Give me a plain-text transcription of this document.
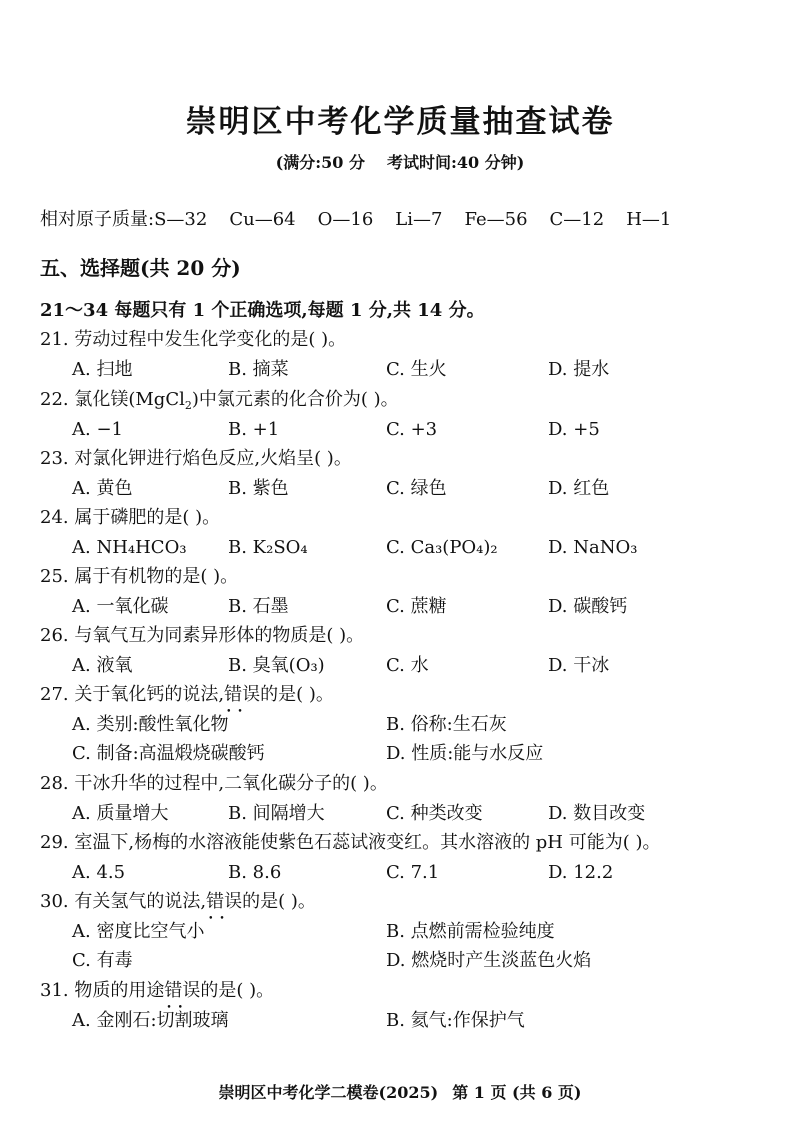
崇明区中考化学质量抽查试卷
(满分:50 分 考试时间:40 分钟)
相对原子质量:S—32 Cu—64 O—16 Li—7 Fe—56 C—12 H—1
五、选择题(共 20 分)
21～34 每题只有 1 个正确选项,每题 1 分,共 14 分。
21. 劳动过程中发生化学变化的是( )。
A. 扫地	B. 摘菜	C. 生火	D. 提水
22. 氯化镁(MgCl$_2$)中氯元素的化合价为( )。
A. −1	B. +1	C. +3	D. +5
23. 对氯化钾进行焰色反应,火焰呈( )。
A. 黄色	B. 紫色	C. 绿色	D. 红色
24. 属于磷肥的是( )。
A. NH₄HCO₃ B. K₂SO₄	C. Ca₃(PO₄)₂	D. NaNO₃
25. 属于有机物的是( )。
A. 一氧化碳	B. 石墨	C. 蔗糖	D. 碳酸钙
26. 与氧气互为同素异形体的物质是( )。
A. 液氧	B. 臭氧(O₃)	C. 水	D. 干冰
27. 关于氧化钙的说法,错误 ••的是( )。
A. 类别:酸性氧化物	B. 俗称:生石灰
C. 制备:高温煅烧碳酸钙	D. 性质:能与水反应
28. 干冰升华的过程中,二氧化碳分子的( )。
A. 质量增大	B. 间隔增大	C. 种类改变	D. 数目改变
29. 室温下,杨梅的水溶液能使紫色石蕊试液变红。其水溶液的 pH 可能为( )。
A. 4.5	B. 8.6	C. 7.1	D. 12.2
30. 有关氢气的说法,错误 ••的是( )。
A. 密度比空气小	B. 点燃前需检验纯度
C. 有毒	D. 燃烧时产生淡蓝色火焰
31. 物质的用途错误 ••的是( )。
A. 金刚石:切割玻璃	B. 氦气:作保护气
崇明区中考化学二模卷(2025) 第 1 页 (共 6 页)
